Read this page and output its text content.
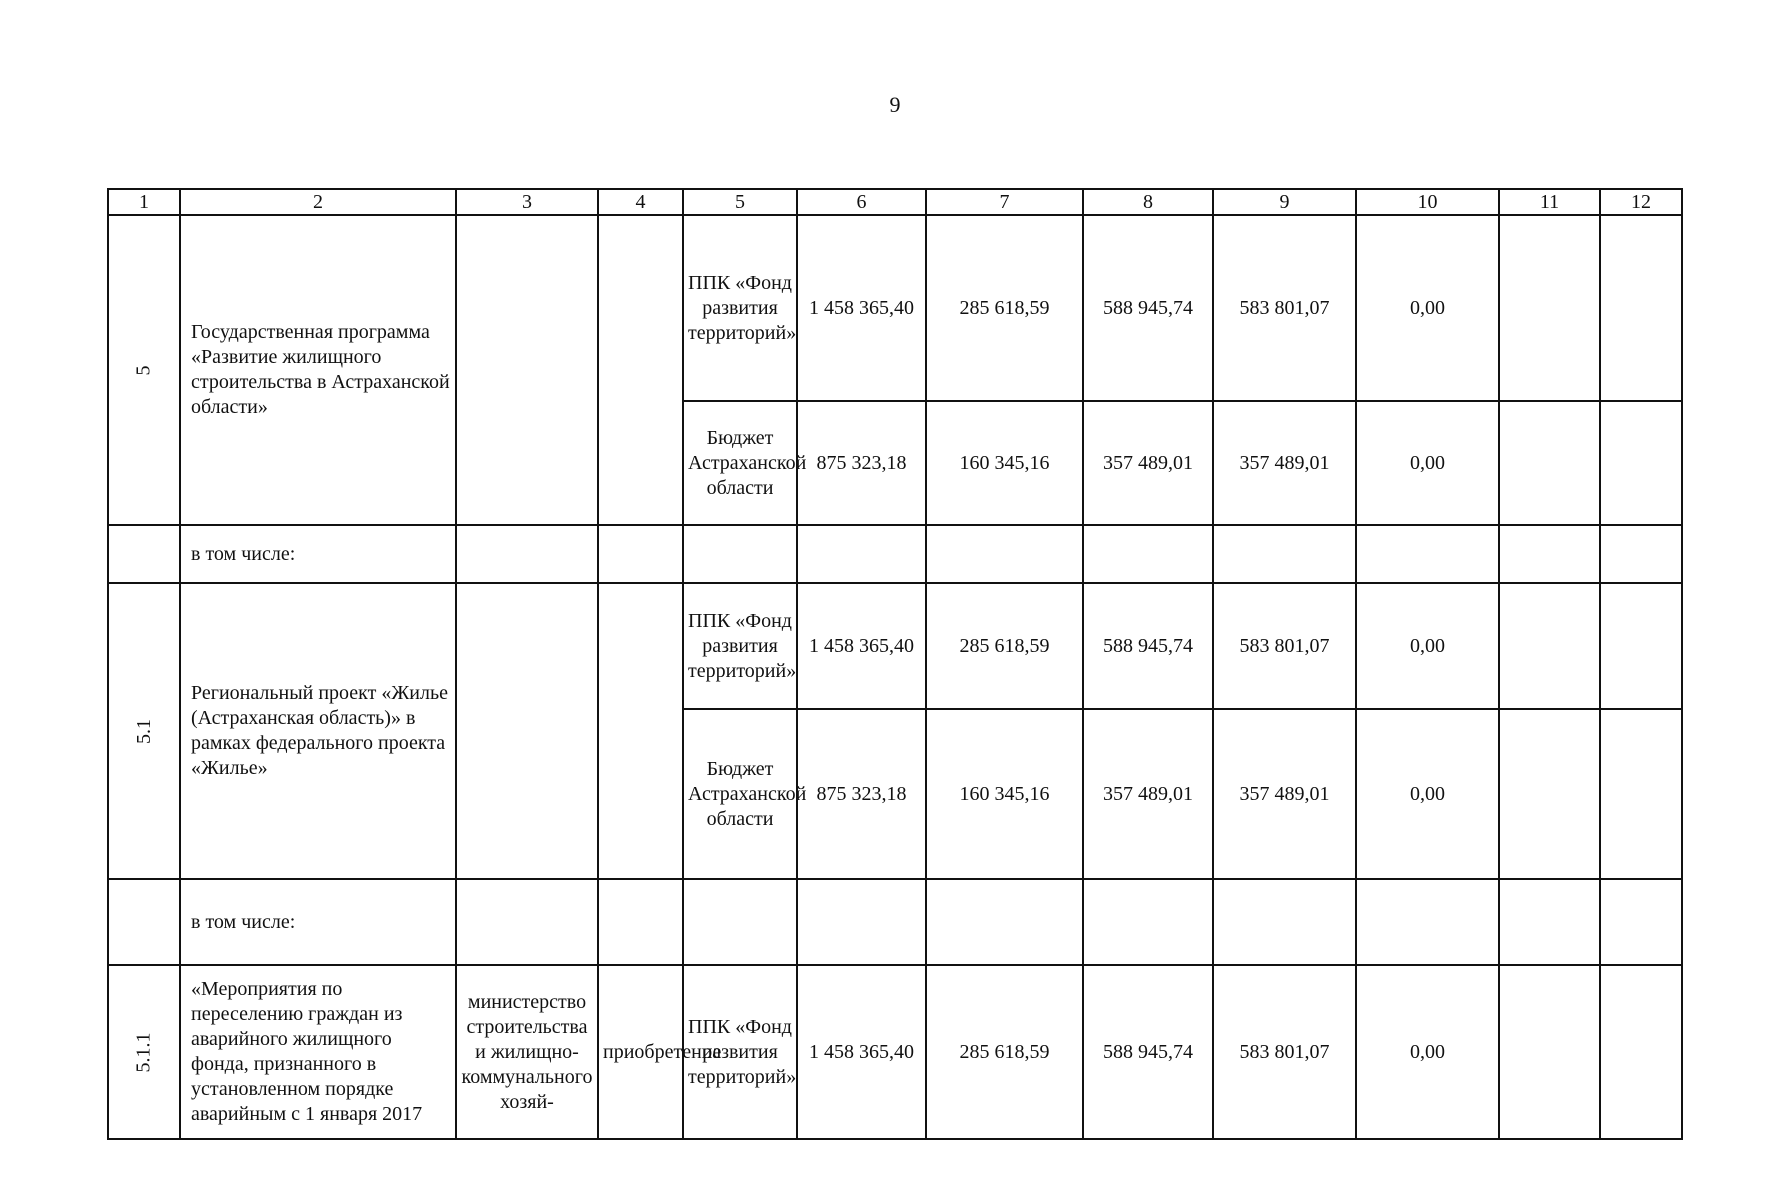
9
1	2	3	4	5	6	7	8	9	10	11	12
5	Государственная программа «Развитие жилищного строительства в Астраханской области»			ППК «Фонд развития территорий»	1 458 365,40	285 618,59	588 945,74	583 801,07	0,00		
				Бюджет Астраханской области	875 323,18	160 345,16	357 489,01	357 489,01	0,00		
	в том числе:										
5.1	Региональный проект «Жилье (Астраханская область)» в рамках федерального проекта «Жилье»			ППК «Фонд развития территорий»	1 458 365,40	285 618,59	588 945,74	583 801,07	0,00		
				Бюджет Астраханской области	875 323,18	160 345,16	357 489,01	357 489,01	0,00		
	в том числе:										
5.1.1	«Мероприятия по переселению граждан из аварийного жилищного фонда, признанного в установленном порядке аварийным с 1 января 2017	министерство строительства и жилищно-коммунального хозяй-	приобретение	ППК «Фонд развития территорий»	1 458 365,40	285 618,59	588 945,74	583 801,07	0,00		
